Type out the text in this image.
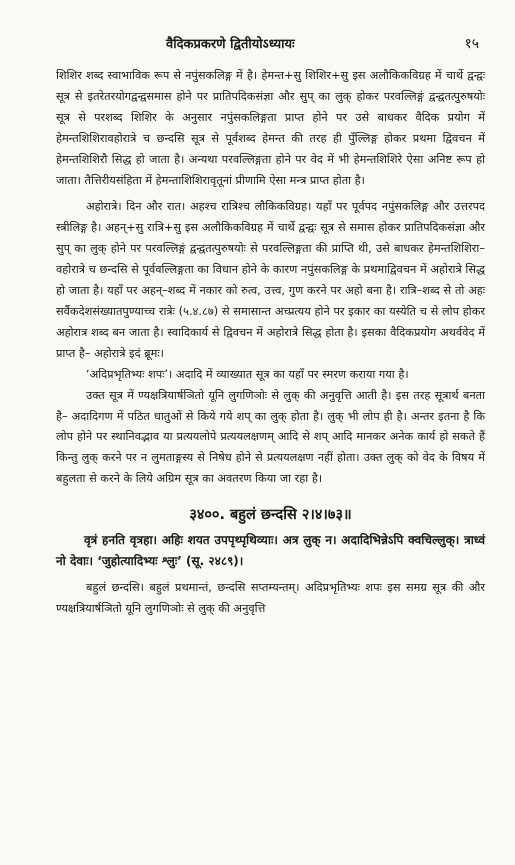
वैदिकप्रकरणे द्वितीयोऽध्यायः	१५

शिशिर शब्द स्वाभाविक रूप से नपुंसकलिङ्ग में है। हेमन्त+सु शिशिर+सु इस अलौकिकविग्रह में चार्थे द्वन्द्वः सूत्र से इतरेतरयोगद्वन्द्वसमास होने पर प्रातिपदिकसंज्ञा और सुप् का लुक् होकर परवल्लिङ्गं द्वन्द्वतत्पुरुषयोः सूत्र से परशब्द शिशिर के अनुसार नपुंसकलिङ्गता प्राप्त होने पर उसे बाधकर वैदिक प्रयोग में हेमन्तशिशिरावहोरात्रे च छन्दसि सूत्र से पूर्वशब्द हेमन्त की तरह ही पुँल्लिङ्ग होकर प्रथमा द्विवचन में हेमन्तशिशिरौ सिद्ध हो जाता है। अन्यथा परवल्लिङ्गता होने पर वेद में भी हेमन्तशिशिरे ऐसा अनिष्ट रूप हो जाता। तैत्तिरीयसंहिता में हेमन्ताशिशिरावृतूनां प्रीणामि ऐसा मन्त्र प्राप्त होता है।

अहोरात्रे। दिन और रात। अहश्च रात्रिश्च लौकिकविग्रह। यहाँ पर पूर्वपद नपुंसकलिङ्ग और उत्तरपद स्त्रीलिङ्ग है। अहन्+सु रात्रि+सु इस अलौकिकविग्रह में चार्थे द्वन्द्वः सूत्र से समास होकर प्रातिपदिकसंज्ञा और सुप् का लुक् होने पर परवल्लिङ्गं द्वन्द्वतत्पुरुषयोः से परवल्लिङ्गता की प्राप्ति थी, उसे बाधकर हेमन्तशिशिरा–वहोरात्रे च छन्दसि से पूर्ववल्लिङ्गता का विधान होने के कारण नपुंसकलिङ्ग के प्रथमाद्विवचन में अहोरात्रे सिद्ध हो जाता है। यहाँ पर अहन्–शब्द में नकार को रुत्व, उत्त्व, गुण करने पर अहो बना है। रात्रि–शब्द से तो अहः सर्वैकदेशसंख्यातपुण्याच्च रात्रेः (५.४.८७) से समासान्त अच्प्रत्यय होने पर इकार का यस्येति च से लोप होकर अहोरात्र शब्द बन जाता है। स्वादिकार्य से द्विवचन में अहोरात्रे सिद्ध होता है। इसका वैदिकप्रयोग अथर्ववेद में प्राप्त है– अहोरात्रे इदं ब्रूमः।

‘अदिप्रभृतिभ्यः शपः’। अदादि में व्याख्यात सूत्र का यहाँ पर स्मरण कराया गया है।

उक्त सूत्र में ण्यक्षत्रियार्षञितो यूनि लुगणिञोः से लुक् की अनुवृत्ति आती है। इस तरह सूत्रार्थ बनता है– अदादिगण में पठित धातुओं से किये गये शप् का लुक् होता है। लुक् भी लोप ही है। अन्तर इतना है कि लोप होने पर स्थानिवद्भाव या प्रत्ययलोपे प्रत्ययलक्षणम् आदि से शप् आदि मानकर अनेक कार्य हो सकते हैं किन्तु लुक् करने पर न लुमताङ्गस्य से निषेध होने से प्रत्ययलक्षण नहीं होता। उक्त लुक् को वेद के विषय में बहुलता से करने के लिये अग्रिम सूत्र का अवतरण किया जा रहा है।

३४००. बहुलं छन्दसि २।४।७३॥

वृत्रं हनति वृत्रहा। अहिः शयत उपपृथ्पृथिव्याः। अत्र लुक् न। अदादिभिन्नेऽपि क्वचिल्लुक्। त्राध्वं नो देवाः। ‘जुहोत्यादिभ्यः श्लुः’ (सू. २४८९)।

बहुलं छन्दसि। बहुलं प्रथमान्तं, छन्दसि सप्तम्यन्तम्। अदिप्रभृतिभ्यः शपः इस समग्र सूत्र की और ण्यक्षत्रियार्षञितो यूनि लुगणिञोः से लुक् की अनुवृत्ति
